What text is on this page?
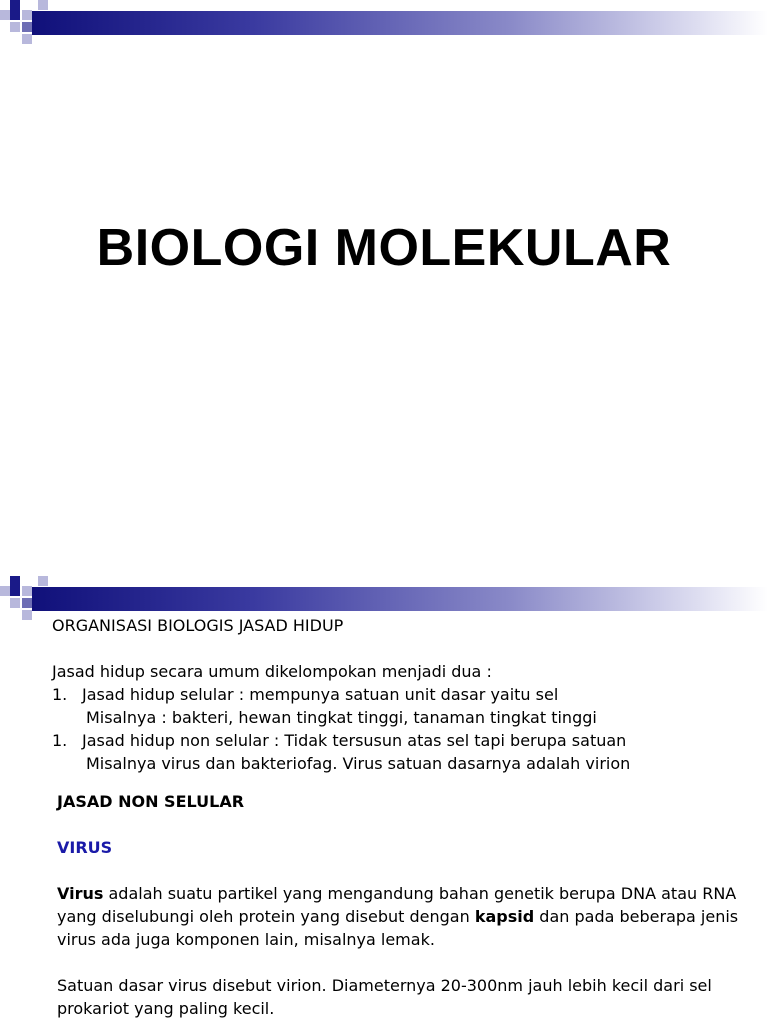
BIOLOGI MOLEKULAR

ORGANISASI BIOLOGIS JASAD HIDUP

Jasad hidup secara umum dikelompokan menjadi dua :

1. Jasad hidup selular : mempunya satuan unit dasar yaitu sel

Misalnya : bakteri, hewan tingkat tinggi, tanaman tingkat tinggi

1. Jasad hidup non selular : Tidak tersusun atas sel tapi berupa satuan

Misalnya virus dan bakteriofag. Virus satuan dasarnya adalah virion

JASAD NON SELULAR

VIRUS

Virus adalah suatu partikel yang mengandung bahan genetik berupa DNA atau RNA yang diselubungi oleh protein yang disebut dengan kapsid dan pada beberapa jenis virus ada juga komponen lain, misalnya lemak.

Satuan dasar virus disebut virion. Diameternya 20-300nm jauh lebih kecil dari sel prokariot yang paling kecil.
